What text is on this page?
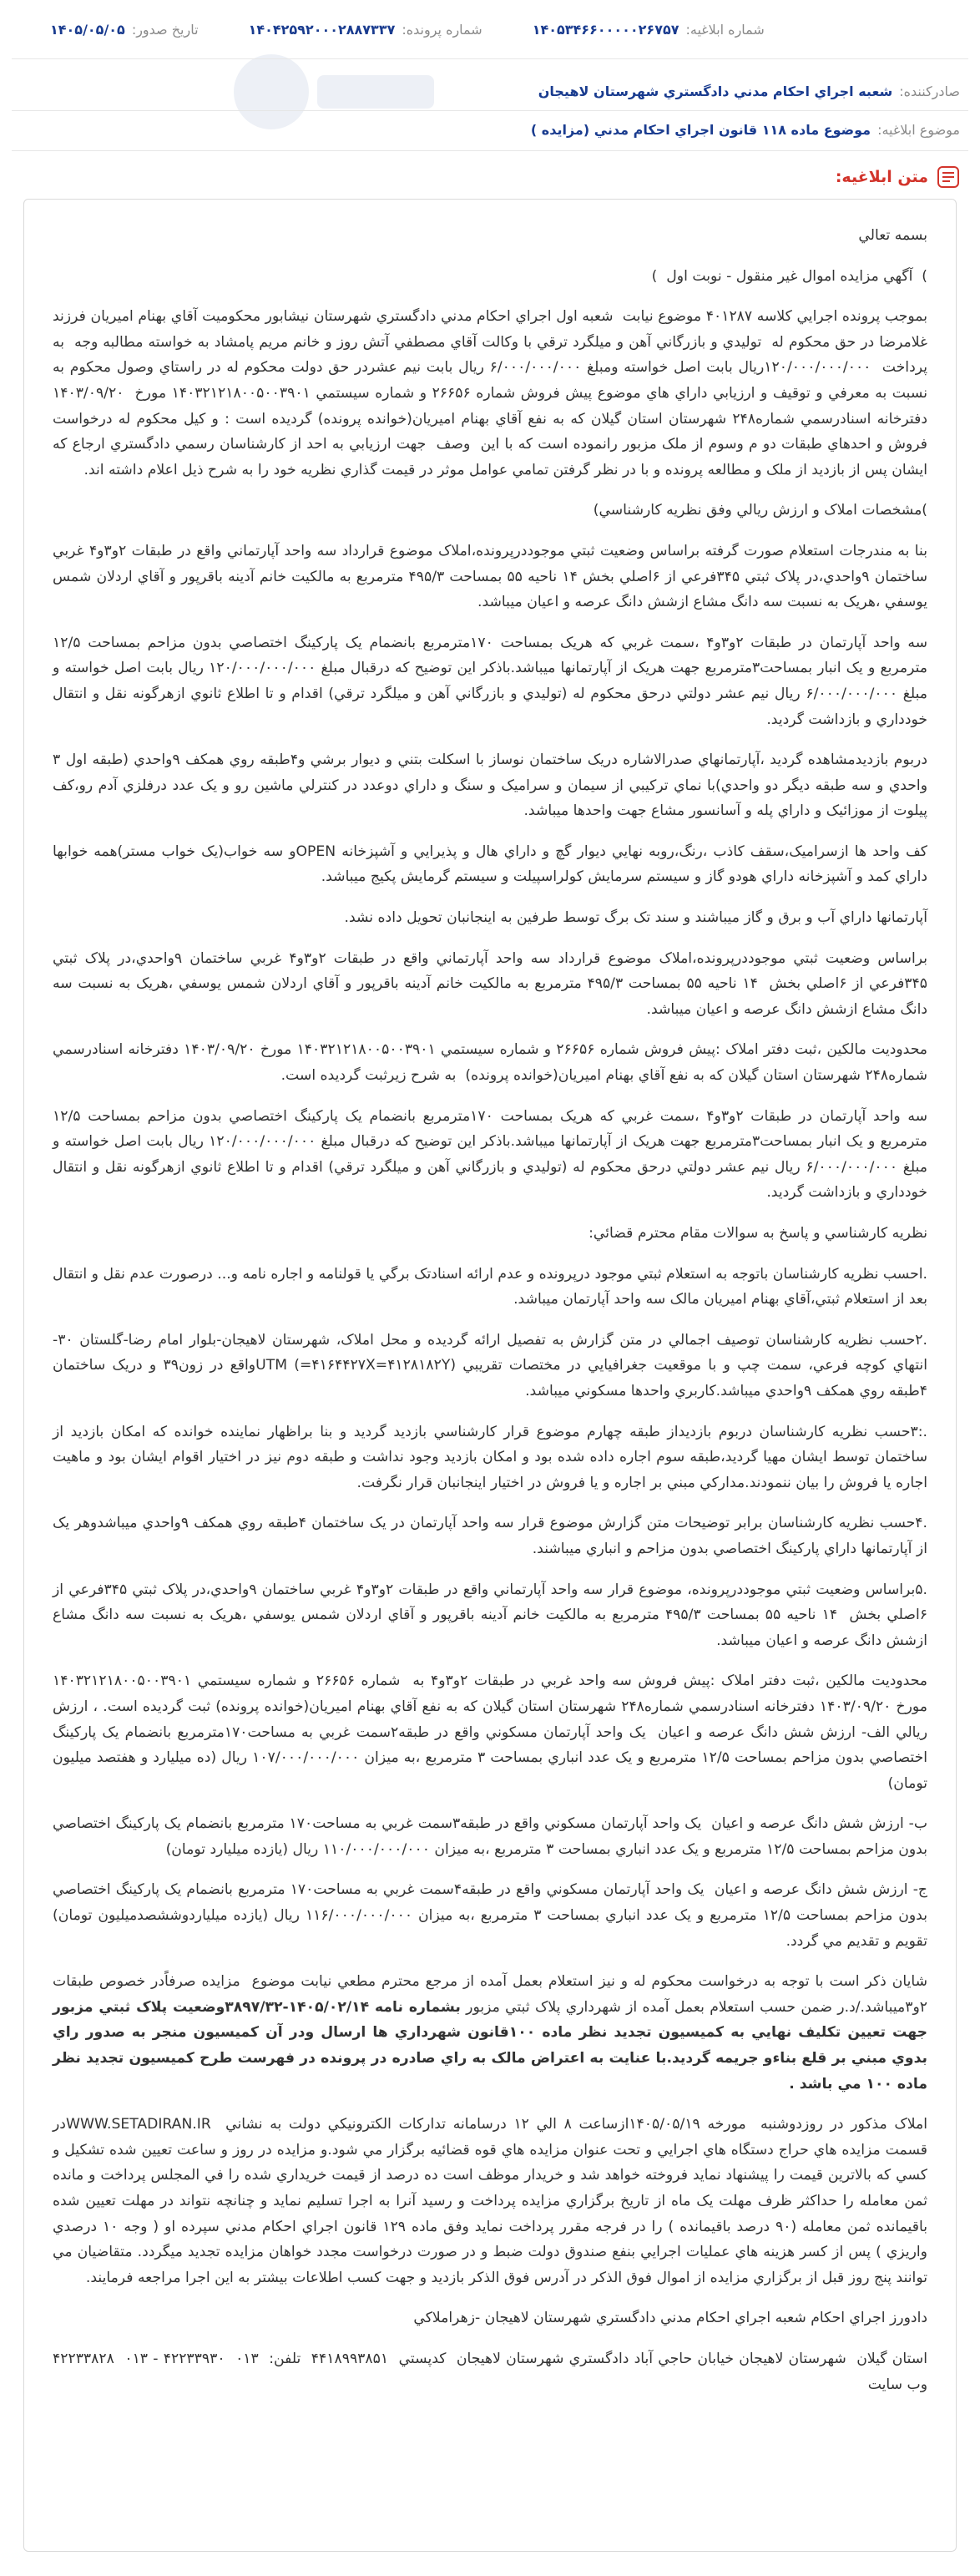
شماره ابلاغیه:
۱۴۰۵۳۴۶۶۰۰۰۰۰۲۶۷۵۷
شماره پرونده:
۱۴۰۴۲۵۹۲۰۰۰۲۸۸۷۳۳۷
تاریخ صدور:
۱۴۰۵/۰۵/۰۵
صادرکننده:
شعبه اجراي احکام مدني دادگستري شهرستان لاهيجان
موضوع ابلاغیه:
موضوع ماده ۱۱۸ قانون اجراي احکام مدني (مزايده )
متن ابلاغیه:

بسمه تعالي

)  آگهي مزايده اموال غير منقول - نوبت اول  )

بموجب پرونده اجرايي کلاسه ۴۰۱۲۸۷ موضوع نيابت  شعبه اول اجراي احکام مدني دادگستري شهرستان نيشابور محکوميت آقاي بهنام اميريان فرزند غلامرضا در حق محکوم له  توليدي و بازرگاني آهن و ميلگرد ترقي با وکالت آقاي مصطفي آتش روز و خانم مريم پامشاد به خواسته مطالبه وجه  به پرداخت  ۱۲۰/۰۰۰/۰۰۰/۰۰۰ريال بابت اصل خواسته ومبلغ ۶/۰۰۰/۰۰۰/۰۰۰ ريال بابت نيم عشردر حق دولت محکوم له در راستاي وصول محکوم به نسبت به معرفي و توقيف و ارزيابي داراي هاي موضوع پيش فروش شماره ۲۶۶۵۶ و شماره سيستمي ۱۴۰۳۲۱۲۱۸۰۰۵۰۰۳۹۰۱ مورخ  ۱۴۰۳/۰۹/۲۰ دفترخانه اسنادرسمي شماره۲۴۸ شهرستان استان گيلان که به نفع آقاي بهنام اميريان(خوانده پرونده) گرديده است : و کيل محکوم له درخواست فروش و احدهاي طبقات دو م وسوم از ملک مزبور رانموده است که با اين  وصف  جهت ارزيابي به احد از کارشناسان رسمي دادگستري ارجاع که ايشان پس از بازديد از ملک و مطالعه پرونده و با در نظر گرفتن تمامي عوامل موثر در قيمت گذاري نظريه خود را به شرح ذيل اعلام داشته اند.

)مشخصات املاک و ارزش ريالي وفق نظريه کارشناسي)

بنا به مندرجات استعلام صورت گرفته براساس وضعيت ثبتي موجوددرپرونده،املاک موضوع قرارداد سه واحد آپارتماني واقع در طبقات ۲و۳و۴ غربي ساختمان ۹واحدي،در پلاک ثبتي ۳۴۵فرعي از ۶اصلي بخش ۱۴ ناحيه ۵۵ بمساحت ۴۹۵/۳ مترمربع به مالکيت خانم آدينه باقرپور و آقاي اردلان شمس يوسفي ،هريک به نسبت سه دانگ مشاع ازشش دانگ عرصه و اعيان ميباشد.

سه واحد آپارتمان در طبقات ۲و۳و۴ ،سمت غربي که هريک بمساحت ۱۷۰مترمربع بانضمام يک پارکينگ اختصاصي بدون مزاحم بمساحت ۱۲/۵ مترمربع و يک انبار بمساحت۳مترمربع جهت هريک از آپارتمانها ميباشد.باذکر اين توضيح که درقبال مبلغ ۱۲۰/۰۰۰/۰۰۰/۰۰۰ ريال بابت اصل خواسته و مبلغ ۶/۰۰۰/۰۰۰/۰۰۰ ريال نيم عشر دولتي درحق محکوم له (توليدي و بازرگاني آهن و ميلگرد ترقي) اقدام و تا اطلاع ثانوي ازهرگونه نقل و انتقال خودداري و بازداشت گرديد.

دربوم بازديدمشاهده گرديد ،آپارتمانهاي صدرالاشاره دريک ساختمان نوساز با اسکلت بتني و ديوار برشي و۴طبقه روي همکف ۹واحدي (طبقه اول ۳ واحدي و سه طبقه ديگر دو واحدي)با نماي ترکيبي از سيمان و سراميک و سنگ و داراي دوعدد در کنترلي ماشين رو و يک عدد درفلزي آدم رو،کف پيلوت از موزائيک و داراي پله و آسانسور مشاع جهت واحدها ميباشد.

کف واحد ها ازسراميک،سقف کاذب ،رنگ،روبه نهايي ديوار گچ و داراي هال و پذيرايي و آشپزخانه OPENو سه خواب(يک خواب مستر)همه خوابها داراي کمد و آشپزخانه داراي هودو گاز و سيستم سرمايش کولراسپيلت و سيستم گرمايش پکيج ميباشد.

آپارتمانها داراي آب و برق و گاز ميباشند و سند تک برگ توسط طرفين به اينجانبان تحويل داده نشد.

براساس وضعيت ثبتي موجوددرپرونده،املاک موضوع قرارداد سه واحد آپارتماني واقع در طبقات ۲و۳و۴ غربي ساختمان ۹واحدي،در پلاک ثبتي ۳۴۵فرعي از ۶اصلي بخش  ۱۴ ناحيه ۵۵ بمساحت ۴۹۵/۳ مترمربع به مالکيت خانم آدينه باقرپور و آقاي اردلان شمس يوسفي ،هريک به نسبت سه دانگ مشاع ازشش دانگ عرصه و اعيان ميباشد.

محدوديت مالکين ،ثبت دفتر املاک :پيش فروش شماره ۲۶۶۵۶ و شماره سيستمي ۱۴۰۳۲۱۲۱۸۰۰۵۰۰۳۹۰۱ مورخ ۱۴۰۳/۰۹/۲۰ دفترخانه اسنادرسمي شماره۲۴۸ شهرستان استان گيلان که به نفع آقاي بهنام اميريان(خوانده پرونده)  به شرح زيرثبت گرديده است.

سه واحد آپارتمان در طبقات ۲و۳و۴ ،سمت غربي که هريک بمساحت ۱۷۰مترمربع بانضمام يک پارکينگ اختصاصي بدون مزاحم بمساحت ۱۲/۵ مترمربع و يک انبار بمساحت۳مترمربع جهت هريک از آپارتمانها ميباشد.باذکر اين توضيح که درقبال مبلغ ۱۲۰/۰۰۰/۰۰۰/۰۰۰ ريال بابت اصل خواسته و مبلغ ۶/۰۰۰/۰۰۰/۰۰۰ ريال نيم عشر دولتي درحق محکوم له (توليدي و بازرگاني آهن و ميلگرد ترقي) اقدام و تا اطلاع ثانوي ازهرگونه نقل و انتقال خودداري و بازداشت گرديد.

نظريه کارشناسي و پاسخ به سوالات مقام محترم قضائي:

.احسب نظريه کارشناسان باتوجه به استعلام ثبتي موجود درپرونده و عدم ارائه اسنادتک برگي يا قولنامه و اجاره نامه و... درصورت عدم نقل و انتقال بعد از استعلام ثبتي،آقاي بهنام اميريان مالک سه واحد آپارتمان ميباشد.

.۲حسب نظريه کارشناسان توصيف اجمالي در متن گزارش به تفصيل ارائه گرديده و محل املاک، شهرستان لاهيجان-بلوار امام رضا-گلستان ۳۰-انتهاي کوچه فرعي، سمت چپ و با موقعيت جغرافيايي در مختصات تقريبي (۴۱۶۴۴۲۷X=۴۱۲۸۱۸۲Y=) UTMواقع در زون۳۹ و دريک ساختمان ۴طبقه روي همکف ۹واحدي ميباشد.کاربري واحدها مسکوني ميباشد.

.:۳حسب نظريه کارشناسان دربوم بازديداز طبقه چهارم موضوع قرار کارشناسي بازديد گرديد و بنا براظهار نماينده خوانده که امکان بازديد از ساختمان توسط ايشان مهيا گرديد،طبقه سوم اجاره داده شده بود و امکان بازديد وجود نداشت و طبقه دوم نيز در اختيار اقوام ايشان بود و ماهيت اجاره يا فروش را بيان ننمودند.مدارکي مبني بر اجاره و يا فروش در اختيار اينجانبان قرار نگرفت.

.۴حسب نظريه کارشناسان برابر توضيحات متن گزارش موضوع قرار سه واحد آپارتمان در يک ساختمان ۴طبقه روي همکف ۹واحدي ميباشدوهر يک از آپارتمانها داراي پارکينگ اختصاصي بدون مزاحم و انباري ميباشند.

.۵براساس وضعيت ثبتي موجوددرپرونده، موضوع قرار سه واحد آپارتماني واقع در طبقات ۲و۳و۴ غربي ساختمان ۹واحدي،در پلاک ثبتي ۳۴۵فرعي از ۶اصلي بخش  ۱۴ ناحيه ۵۵ بمساحت ۴۹۵/۳ مترمربع به مالکيت خانم آدينه باقرپور و آقاي اردلان شمس يوسفي ،هريک به نسبت سه دانگ مشاع ازشش دانگ عرصه و اعيان ميباشد.

محدوديت مالکين ،ثبت دفتر املاک :پيش فروش سه واحد غربي در طبقات ۲و۳و۴ به  شماره ۲۶۶۵۶ و شماره سيستمي ۱۴۰۳۲۱۲۱۸۰۰۵۰۰۳۹۰۱ مورخ ۱۴۰۳/۰۹/۲۰ دفترخانه اسنادرسمي شماره۲۴۸ شهرستان استان گيلان که به نفع آقاي بهنام اميريان(خوانده پرونده) ثبت گرديده است. ، ارزش ريالي الف- ارزش شش دانگ عرصه و اعيان  يک واحد آپارتمان مسکوني واقع در طبقه۲سمت غربي به مساحت۱۷۰مترمربع بانضمام يک پارکينگ اختصاصي بدون مزاحم بمساحت ۱۲/۵ مترمربع و يک عدد انباري بمساحت ۳ مترمربع ،به ميزان ۱۰۷/۰۰۰/۰۰۰/۰۰۰ ريال (ده ميليارد و هفتصد ميليون تومان)

ب- ارزش شش دانگ عرصه و اعيان  يک واحد آپارتمان مسکوني واقع در طبقه۳سمت غربي به مساحت۱۷۰ مترمربع بانضمام يک پارکينگ اختصاصي بدون مزاحم بمساحت ۱۲/۵ مترمربع و يک عدد انباري بمساحت ۳ مترمربع ،به ميزان ۱۱۰/۰۰۰/۰۰۰/۰۰۰ ريال (يازده ميليارد تومان)

ج- ارزش شش دانگ عرصه و اعيان  يک واحد آپارتمان مسکوني واقع در طبقه۴سمت غربي به مساحت۱۷۰ مترمربع بانضمام يک پارکينگ اختصاصي بدون مزاحم بمساحت ۱۲/۵ مترمربع و يک عدد انباري بمساحت ۳ مترمربع ،به ميزان ۱۱۶/۰۰۰/۰۰۰/۰۰۰ ريال (يازده ميلياردوششصدميليون تومان) تقويم و تقديم مي گردد.

شايان ذکر است با توجه به درخواست محکوم له و نيز استعلام بعمل آمده از مرجع محترم مطعي نيابت موضوع  مزايده صرفاًدر خصوص طبقات ۲و۳ميباشد./د.ر ضمن حسب استعلام بعمل آمده از شهرداري پلاک ثبتي مزبور بشماره نامه ۱۴۰۵/۰۲/۱۴-۳۸۹۷/۳۲وضعيت پلاک ثبتي مزبور جهت تعيين تکليف نهايي به کميسيون تجديد نظر ماده ۱۰۰قانون شهرداري ها ارسال ودر آن کميسيون منجر به صدور راي بدوي مبني بر قلع بناءو جريمه گرديد.با عنايت به اعتراض مالک به راي صادره در پرونده در فهرست طرح کميسيون تجديد نظر ماده ۱۰۰ مي باشد .

املاک مذکور در روزدوشنبه  مورخه ۱۴۰۵/۰۵/۱۹ازساعت ۸ الي ۱۲ درسامانه تدارکات الکترونيکي دولت به نشاني  WWW.SETADIRAN.IRدر قسمت مزايده هاي حراج دستگاه هاي اجرايي و تحت عنوان مزايده هاي قوه قضائيه برگزار مي شود.و مزايده در روز و ساعت تعيين شده تشکيل و کسي که بالاترين قيمت را پيشنهاد نمايد فروخته خواهد شد و خريدار موظف است ده درصد از قيمت خريداري شده را في المجلس پرداخت و مانده ثمن معامله را حداکثر ظرف مهلت يک ماه از تاريخ برگزاري مزايده پرداخت و رسيد آنرا به اجرا تسليم نمايد و چنانچه نتواند در مهلت تعيين شده باقيمانده ثمن معامله (۹۰ درصد باقيمانده ) را در فرجه مقرر پرداخت نمايد وفق ماده ۱۲۹ قانون اجراي احکام مدني سپرده او ( وجه ۱۰ درصدي واريزي ) پس از کسر هزينه هاي عمليات اجرايي بنفع صندوق دولت ضبط و در صورت درخواست مجدد خواهان مزايده تجديد ميگردد. متقاضيان مي توانند پنج روز قبل از برگزاري مزايده از اموال فوق الذکر در آدرس فوق الذکر بازديد و جهت کسب اطلاعات بيشتر به اين اجرا مراجعه فرمايند.

دادورز اجراي احکام شعبه اجراي احکام مدني دادگستري شهرستان لاهيجان -زهراملاکي

استان گيلان  شهرستان لاهيجان خيابان حاجي آباد دادگستري شهرستان لاهيجان  کدپستي  ۴۴۱۸۹۹۳۸۵۱  تلفن:  ۰۱۳  ۴۲۲۳۳۹۳۰ - ۰۱۳  ۴۲۲۳۳۸۲۸  وب سایت
